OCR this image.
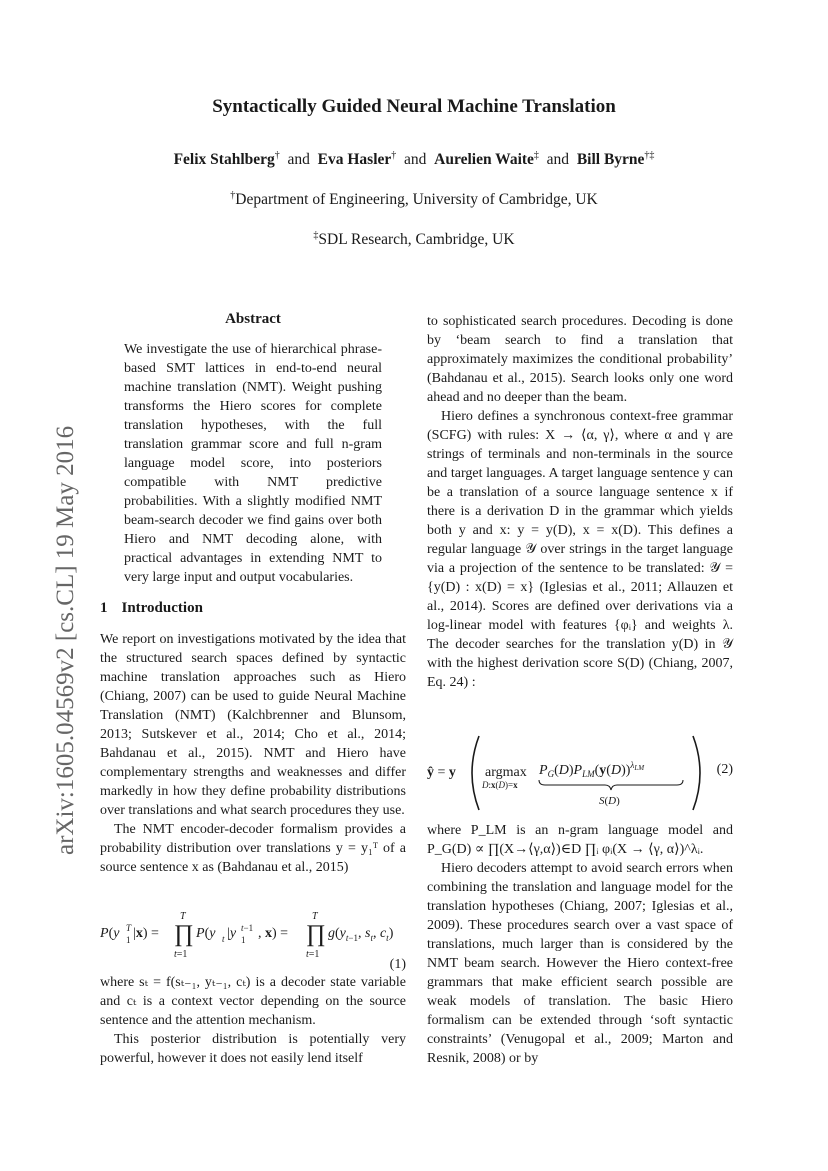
Syntactically Guided Neural Machine Translation
Felix Stahlberg† and Eva Hasler† and Aurelien Waite‡ and Bill Byrne†‡
†Department of Engineering, University of Cambridge, UK
‡SDL Research, Cambridge, UK
arXiv:1605.04569v2 [cs.CL] 19 May 2016
Abstract
We investigate the use of hierarchical phrase-based SMT lattices in end-to-end neural machine translation (NMT). Weight pushing transforms the Hiero scores for complete translation hypotheses, with the full translation grammar score and full n-gram language model score, into posteriors compatible with NMT predictive probabilities. With a slightly modified NMT beam-search decoder we find gains over both Hiero and NMT decoding alone, with practical advantages in extending NMT to very large input and output vocabularies.
1 Introduction

We report on investigations motivated by the idea that the structured search spaces defined by syntactic machine translation approaches such as Hiero (Chiang, 2007) can be used to guide Neural Machine Translation (NMT) (Kalchbrenner and Blunsom, 2013; Sutskever et al., 2014; Cho et al., 2014; Bahdanau et al., 2015). NMT and Hiero have complementary strengths and weaknesses and differ markedly in how they define probability distributions over translations and what search procedures they use.

The NMT encoder-decoder formalism provides a probability distribution over translations y = y₁ᵀ of a source sentence x as (Bahdanau et al., 2015)

P(y 1
T |x) = ∏
T
t=1
P(y t |y 1
t−1 , x) = ∏
T
t=1
$g(y_{t-1}$, $s_t$, $c_t$)
(1)

where sₜ = f(sₜ₋₁, yₜ₋₁, cₜ) is a decoder state variable and cₜ is a context vector depending on the source sentence and the attention mechanism.

This posterior distribution is potentially very powerful, however it does not easily lend itself

to sophisticated search procedures. Decoding is done by ‘beam search to find a translation that approximately maximizes the conditional probability’ (Bahdanau et al., 2015). Search looks only one word ahead and no deeper than the beam.

Hiero defines a synchronous context-free grammar (SCFG) with rules: X → ⟨α, γ⟩, where α and γ are strings of terminals and non-terminals in the source and target languages. A target language sentence y can be a translation of a source language sentence x if there is a derivation D in the grammar which yields both y and x: y = y(D), x = x(D). This defines a regular language 𝒴 over strings in the target language via a projection of the sentence to be translated: 𝒴 = {y(D) : x(D) = x} (Iglesias et al., 2011; Allauzen et al., 2014). Scores are defined over derivations via a log-linear model with features {φᵢ} and weights λ. The decoder searches for the translation y(D) in 𝒴 with the highest derivation score S(D) (Chiang, 2007, Eq. 24) :

ŷ = y argmax
D:x(D)=x
$P_G(D)P_{LM}(y(D))^\lambda LM$
S(D)
(2)

where P_LM is an n-gram language model and P_G(D) ∝ ∏(X→⟨γ,α⟩)∈D ∏ᵢ φᵢ(X → ⟨γ, α⟩)^λᵢ.

Hiero decoders attempt to avoid search errors when combining the translation and language model for the translation hypotheses (Chiang, 2007; Iglesias et al., 2009). These procedures search over a vast space of translations, much larger than is considered by the NMT beam search. However the Hiero context-free grammars that make efficient search possible are weak models of translation. The basic Hiero formalism can be extended through ‘soft syntactic constraints’ (Venugopal et al., 2009; Marton and Resnik, 2008) or by
